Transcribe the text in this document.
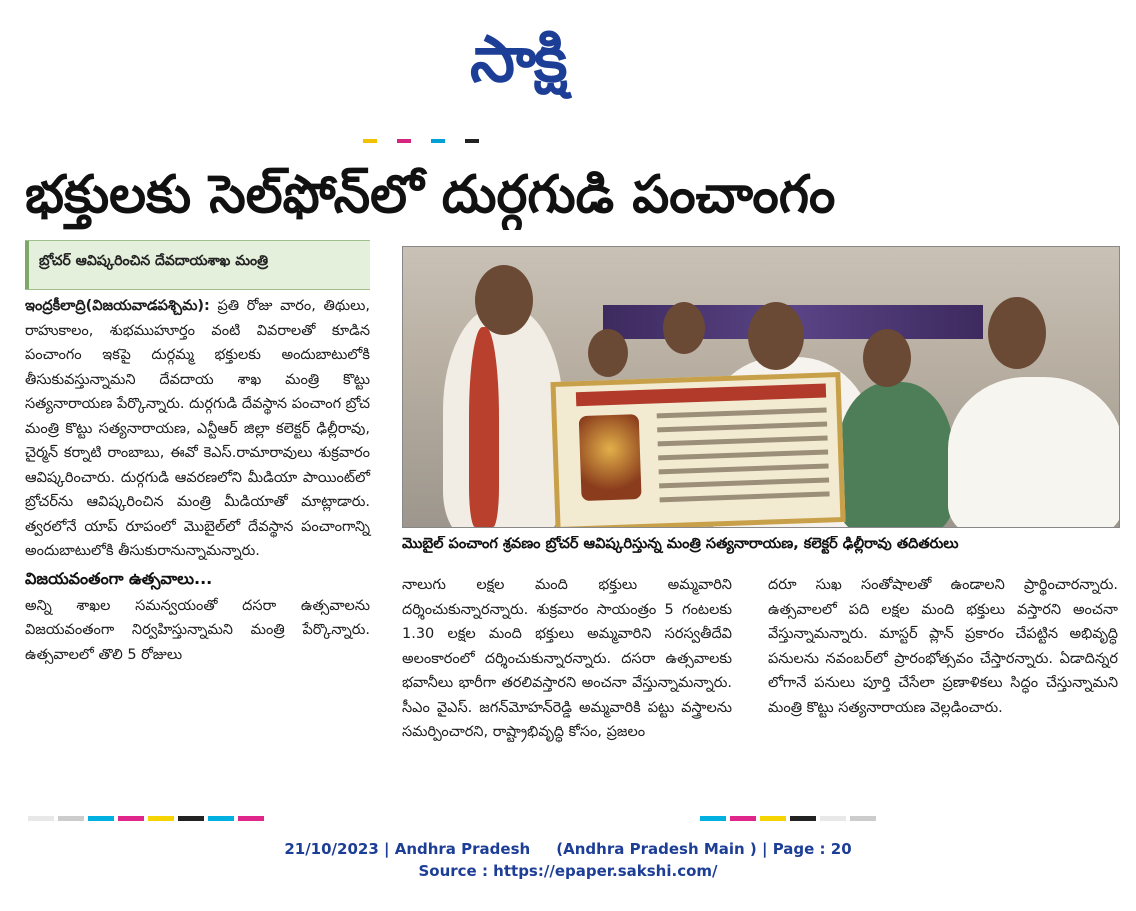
సాక్షి
భక్తులకు సెల్‌ఫోన్‌లో దుర్గగుడి పంచాంగం
బ్రోచర్ ఆవిష్కరించిన దేవదాయశాఖ మంత్రి

ఇంద్రకీలాద్రి(విజయవాడపశ్చిమ): ప్రతి రోజు వారం, తిథులు, రాహుకాలం, శుభముహూర్తం వంటి వివరాలతో కూడిన పంచాంగం ఇకపై దుర్గమ్మ భక్తులకు అందుబాటులోకి తీసుకువస్తున్నామని దేవదాయ శాఖ మంత్రి కొట్టు సత్యనారాయణ పేర్కొన్నారు. దుర్గగుడి దేవస్థాన పంచాంగ బ్రోచ మంత్రి కొట్టు సత్యనారాయణ, ఎన్టీఆర్ జిల్లా కలెక్టర్ ఢిల్లీరావు, చైర్మన్ కర్నాటి రాంబాబు, ఈవో కెఎస్.రామారావులు శుక్రవారం ఆవిష్కరించారు. దుర్గగుడి ఆవరణలోని మీడియా పాయింట్‌లో బ్రోచర్‌ను ఆవిష్కరించిన మంత్రి మీడియాతో మాట్లాడారు. త్వరలోనే యాప్ రూపంలో మొబైల్‌లో దేవస్థాన పంచాంగాన్ని అందుబాటులోకి తీసుకురానున్నామన్నారు.

విజయవంతంగా ఉత్సవాలు...

అన్ని శాఖల సమన్వయంతో దసరా ఉత్సవాలను విజయవంతంగా నిర్వహిస్తున్నామని మంత్రి పేర్కొన్నారు. ఉత్సవాలలో తొలి 5 రోజులు

మొబైల్ పంచాంగ శ్రవణం బ్రోచర్ ఆవిష్కరిస్తున్న మంత్రి సత్యనారాయణ, కలెక్టర్ ఢిల్లీరావు తదితరులు

నాలుగు లక్షల మంది భక్తులు అమ్మవారిని దర్శించుకున్నారన్నారు. శుక్రవారం సాయంత్రం 5 గంటలకు 1.30 లక్షల మంది భక్తులు అమ్మవారిని సరస్వతీదేవి అలంకారంలో దర్శించుకున్నారన్నారు. దసరా ఉత్సవాలకు భవానీలు భారీగా తరలివస్తారని అంచనా వేస్తున్నామన్నారు. సీఎం వైఎస్. జగన్‌మోహన్‌రెడ్డి అమ్మవారికి పట్టు వస్త్రాలను సమర్పించారని, రాష్ట్రాభివృద్ధి కోసం, ప్రజలం

దరూ సుఖ సంతోషాలతో ఉండాలని ప్రార్థించారన్నారు. ఉత్సవాలలో పది లక్షల మంది భక్తులు వస్తారని అంచనా వేస్తున్నామన్నారు. మాస్టర్ ప్లాన్ ప్రకారం చేపట్టిన అభివృద్ధి పనులను నవంబర్‌లో ప్రారంభోత్సవం చేస్తారన్నారు. ఏడాదిన్నర లోగానే పనులు పూర్తి చేసేలా ప్రణాళికలు సిద్ధం చేస్తున్నామని మంత్రి కొట్టు సత్యనారాయణ వెల్లడించారు.

21/10/2023 | Andhra Pradesh     (Andhra Pradesh Main ) | Page : 20
Source : https://epaper.sakshi.com/
